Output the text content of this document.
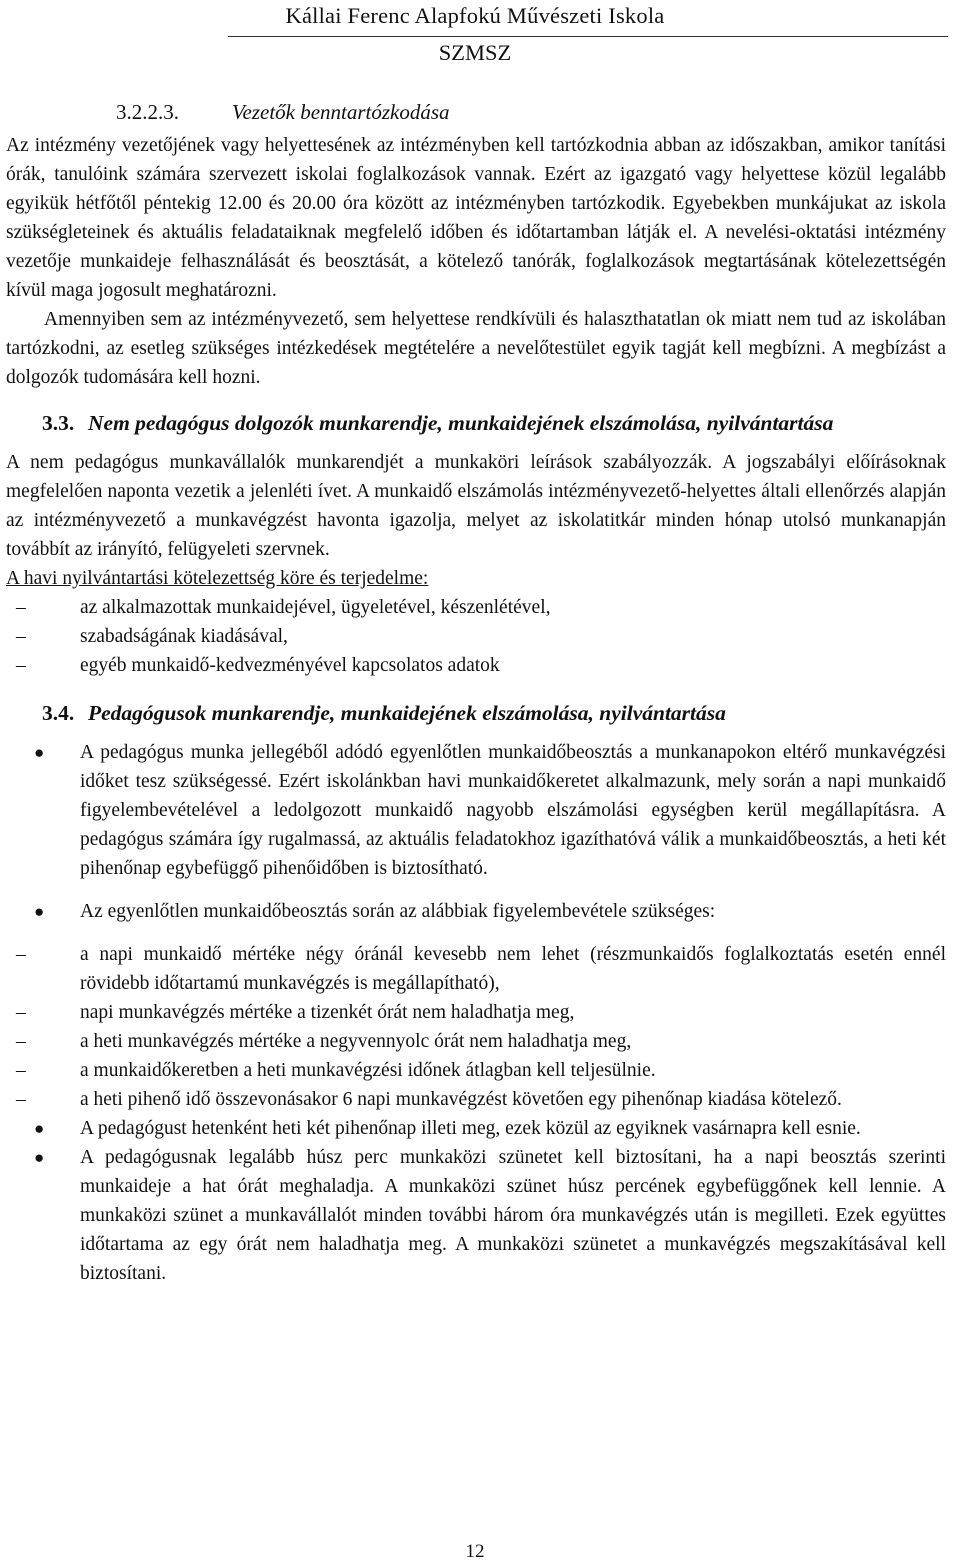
Kállai Ferenc Alapfokú Művészeti Iskola
SZMSZ
3.2.2.3.	Vezetők benntartózkodása

Az intézmény vezetőjének vagy helyettesének az intézményben kell tartózkodnia abban az időszakban, amikor tanítási órák, tanulóink számára szervezett iskolai foglalkozások vannak. Ezért az igazgató vagy helyettese közül legalább egyikük hétfőtől péntekig 12.00 és 20.00 óra között az intézményben tartózkodik. Egyebekben munkájukat az iskola szükségleteinek és aktuális feladataiknak megfelelő időben és időtartamban látják el. A nevelési-oktatási intézmény vezetője munkaideje felhasználását és beosztását, a kötelező tanórák, foglalkozások megtartásának kötelezettségén kívül maga jogosult meghatározni.

Amennyiben sem az intézményvezető, sem helyettese rendkívüli és halaszthatatlan ok miatt nem tud az iskolában tartózkodni, az esetleg szükséges intézkedések megtételére a nevelőtestület egyik tagját kell megbízni. A megbízást a dolgozók tudomására kell hozni.

3.3. Nem pedagógus dolgozók munkarendje, munkaidejének elszámolása, nyilvántartása

A nem pedagógus munkavállalók munkarendjét a munkaköri leírások szabályozzák. A jogszabályi előírásoknak megfelelően naponta vezetik a jelenléti ívet. A munkaidő elszámolás intézményvezető-helyettes általi ellenőrzés alapján az intézményvezető a munkavégzést havonta igazolja, melyet az iskolatitkár minden hónap utolsó munkanapján továbbít az irányító, felügyeleti szervnek.

A havi nyilvántartási kötelezettség köre és terjedelme:

–	az alkalmazottak munkaidejével, ügyeletével, készenlétével,
–	szabadságának kiadásával,
–	egyéb munkaidő-kedvezményével kapcsolatos adatok
3.4. Pedagógusok munkarendje, munkaidejének elszámolása, nyilvántartása
● A pedagógus munka jellegéből adódó egyenlőtlen munkaidőbeosztás a munkanapokon eltérő munkavégzési időket tesz szükségessé. Ezért iskolánkban havi munkaidőkeretet alkalmazunk, mely során a napi munkaidő figyelembevételével a ledolgozott munkaidő nagyobb elszámolási egységben kerül megállapításra. A pedagógus számára így rugalmassá, az aktuális feladatokhoz igazíthatóvá válik a munkaidőbeosztás, a heti két pihenőnap egybefüggő pihenőidőben is biztosítható.
● Az egyenlőtlen munkaidőbeosztás során az alábbiak figyelembevétele szükséges:
–	a napi munkaidő mértéke négy óránál kevesebb nem lehet (részmunkaidős foglalkoztatás esetén ennél rövidebb időtartamú munkavégzés is megállapítható),
–	napi munkavégzés mértéke a tizenkét órát nem haladhatja meg,
–	a heti munkavégzés mértéke a negyvennyolc órát nem haladhatja meg,
–	a munkaidőkeretben a heti munkavégzési időnek átlagban kell teljesülnie.
–	a heti pihenő idő összevonásakor 6 napi munkavégzést követően egy pihenőnap kiadása kötelező.
● A pedagógust hetenként heti két pihenőnap illeti meg, ezek közül az egyiknek vasárnapra kell esnie.
● A pedagógusnak legalább húsz perc munkaközi szünetet kell biztosítani, ha a napi beosztás szerinti munkaideje a hat órát meghaladja. A munkaközi szünet húsz percének egybefüggőnek kell lennie. A munkaközi szünet a munkavállalót minden további három óra munkavégzés után is megilleti. Ezek együttes időtartama az egy órát nem haladhatja meg. A munkaközi szünetet a munkavégzés megszakításával kell biztosítani.
12
